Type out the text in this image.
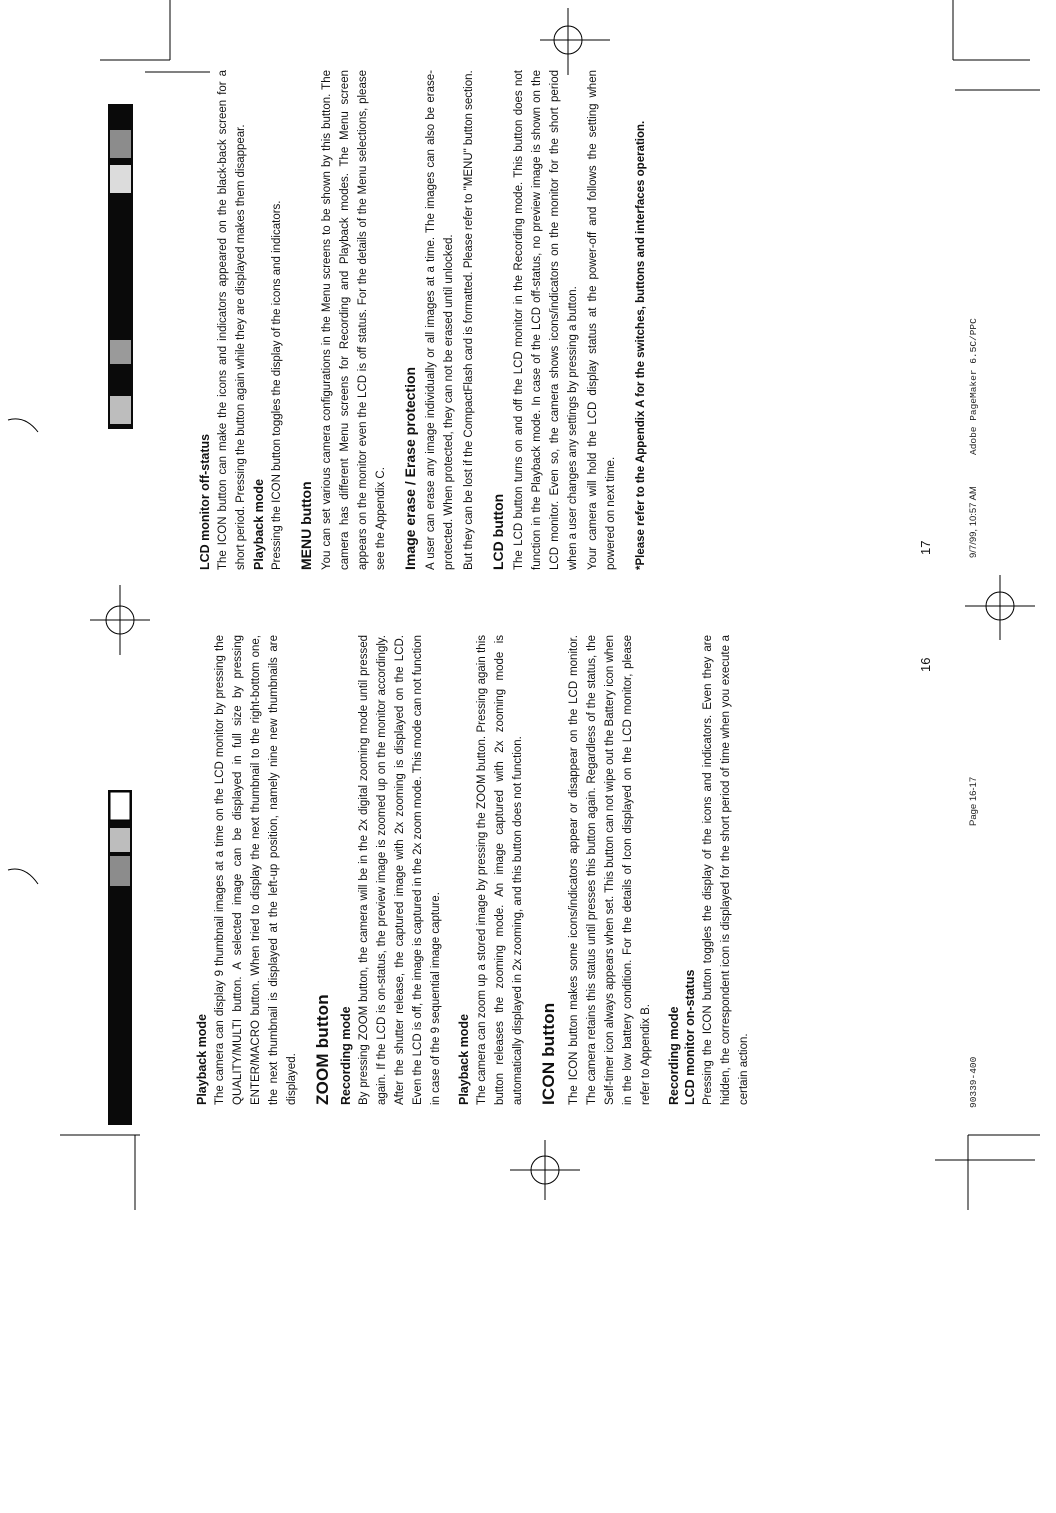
Playback mode The camera can display 9 thumbnail images at a time on the LCD monitor by pressing the QUALITY/MULTI button. A selected image can be displayed in full size by pressing ENTER/MACRO button. When tried to display the next thumbnail to the right-bottom one, the next thumbnail is displayed at the left-up position, namely nine new thumbnails are displayed. ZOOM button Recording mode By pressing ZOOM button, the camera will be in the 2x digital zooming mode until pressed again. If the LCD is on-status, the preview image is zoomed up on the monitor accordingly. After the shutter release, the captured image with 2x zooming is displayed on the LCD. Even the LCD is off, the image is captured in the 2x zoom mode. This mode can not function in case of the 9 sequential image capture. Playback mode The camera can zoom up a stored image by pressing the ZOOM button. Pressing again this button releases the zooming mode. An image captured with 2x zooming mode is automatically displayed in 2x zooming, and this button does not function. ICON button The ICON button makes some icons/indicators appear or disappear on the LCD monitor. The camera retains this status until presses this button again. Regardless of the status, the Self-timer icon always appears when set. This button can not wipe out the Battery icon when in the low battery condition. For the details of Icon displayed on the LCD monitor, please refer to Appendix B. Recording mode LCD monitor on-status Pressing the ICON button toggles the display of the icons and indicators. Even they are hidden, the correspondent icon is displayed for the short period of time when you execute a certain action.
LCD monitor off-status The ICON button can make the icons and indicators appeared on the black-back screen for a short period. Pressing the button again while they are displayed makes them disappear. Playback mode Pressing the ICON button toggles the display of the icons and indicators. MENU button You can set various camera configurations in the Menu screens to be shown by this button. The camera has different Menu screens for Recording and Playback modes. The Menu screen appears on the monitor even the LCD is off status. For the details of the Menu selections, please see the Appendix C. Image erase / Erase protection A user can erase any image individually or all images at a time. The images can also be erase-protected. When protected, they can not be erased until unlocked. But they can be lost if the CompactFlash card is formatted. Please refer to "MENU" button section. LCD button The LCD button turns on and off the LCD monitor in the Recording mode. This button does not function in the Playback mode. In case of the LCD off-status, no preview image is shown on the LCD monitor. Even so, the camera shows icons/indicators on the monitor for the short period when a user changes any settings by pressing a button. Your camera will hold the LCD display status at the power-off and follows the setting when powered on next time. *Please refer to the Appendix A for the switches, buttons and interfaces operation.
16
17
90339-400
Page 16-17
9/7/99, 10:57 AM
Adobe PageMaker 6.5C/PPC
